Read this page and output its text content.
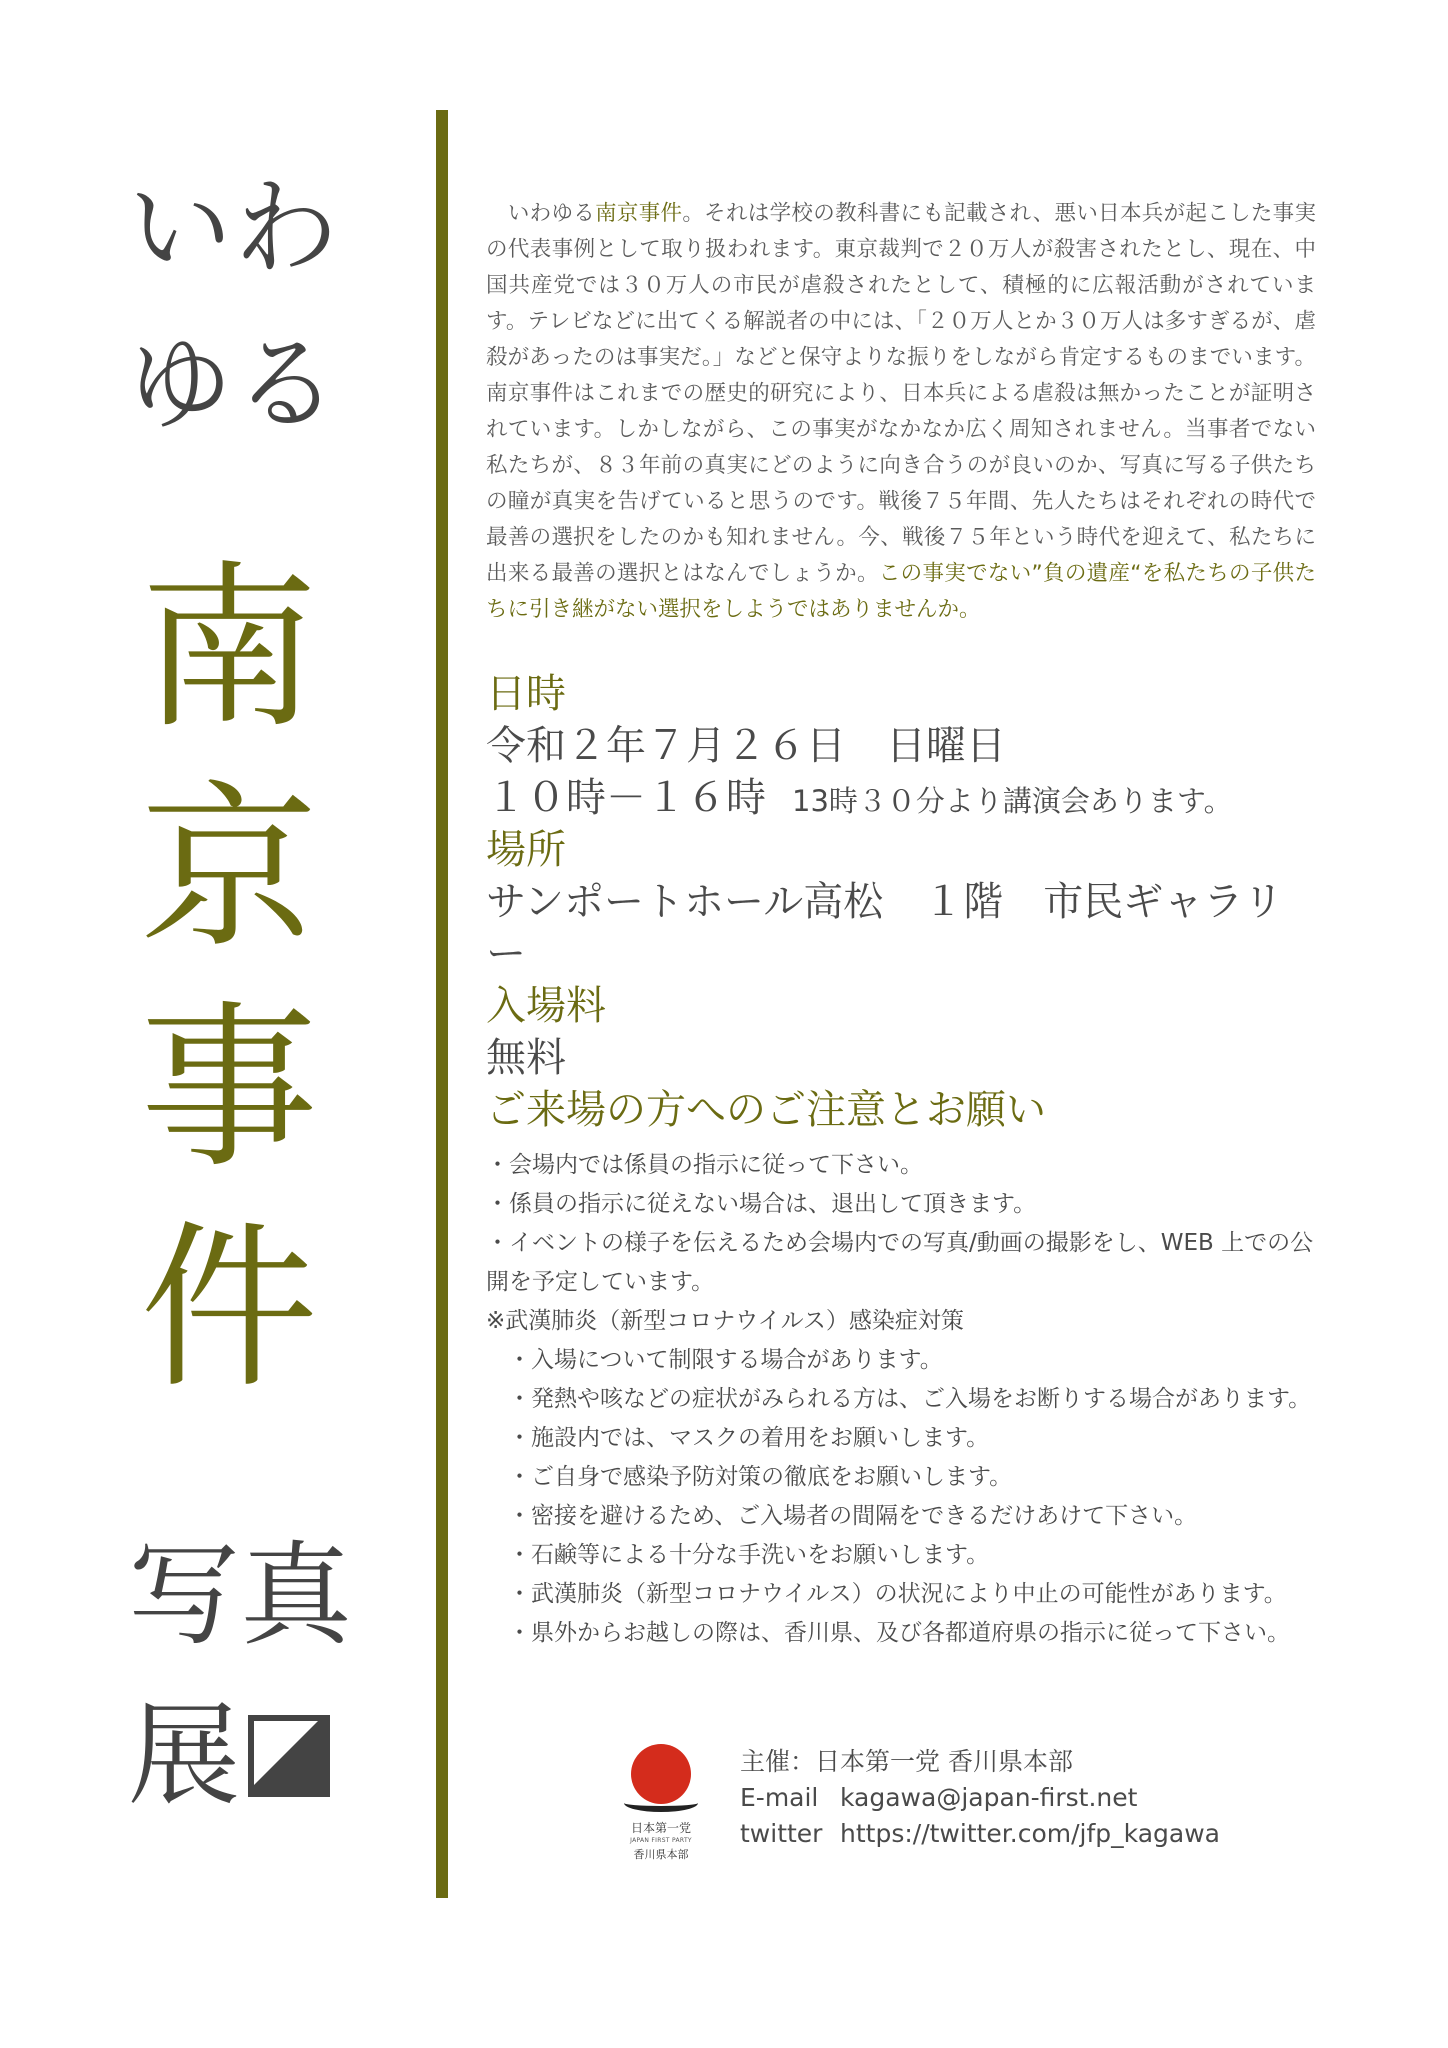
いわ
ゆる
南
京
事
件
写真
展

　いわゆる南京事件。それは学校の教科書にも記載され、悪い日本兵が起こした事実の代表事例として取り扱われます。東京裁判で２０万人が殺害されたとし、現在、中国共産党では３０万人の市民が虐殺されたとして、積極的に広報活動がされています。テレビなどに出てくる解説者の中には、「２０万人とか３０万人は多すぎるが、虐殺があったのは事実だ。」などと保守よりな振りをしながら肯定するものまでいます。南京事件はこれまでの歴史的研究により、日本兵による虐殺は無かったことが証明されています。しかしながら、この事実がなかなか広く周知されません。当事者でない私たちが、８３年前の真実にどのように向き合うのが良いのか、写真に写る子供たちの瞳が真実を告げていると思うのです。戦後７５年間、先人たちはそれぞれの時代で最善の選択をしたのかも知れません。今、戦後７５年という時代を迎えて、私たちに出来る最善の選択とはなんでしょうか。この事実でない”負の遺産“を私たちの子供たちに引き継がない選択をしようではありませんか。

日時
令和２年７月２６日　日曜日
１０時－１６時 13時３０分より講演会あります。
場所
サンポートホール高松　１階　市民ギャラリー
入場料
無料
ご来場の方へのご注意とお願い
・会場内では係員の指示に従って下さい。
・係員の指示に従えない場合は、退出して頂きます。
・イベントの様子を伝えるため会場内での写真/動画の撮影をし、WEB 上での公開を予定しています。
※武漢肺炎（新型コロナウイルス）感染症対策
・入場について制限する場合があります。
・発熱や咳などの症状がみられる方は、ご入場をお断りする場合があります。
・施設内では、マスクの着用をお願いします。
・ご自身で感染予防対策の徹底をお願いします。
・密接を避けるため、ご入場者の間隔をできるだけあけて下さい。
・石鹸等による十分な手洗いをお願いします。
・武漢肺炎（新型コロナウイルス）の状況により中止の可能性があります。
・県外からお越しの際は、香川県、及び各都道府県の指示に従って下さい。
日本第一党
JAPAN FIRST PARTY
香川県本部
主催：日本第一党 香川県本部
E-mail kagawa@japan-first.net
twitter https://twitter.com/jfp_kagawa
